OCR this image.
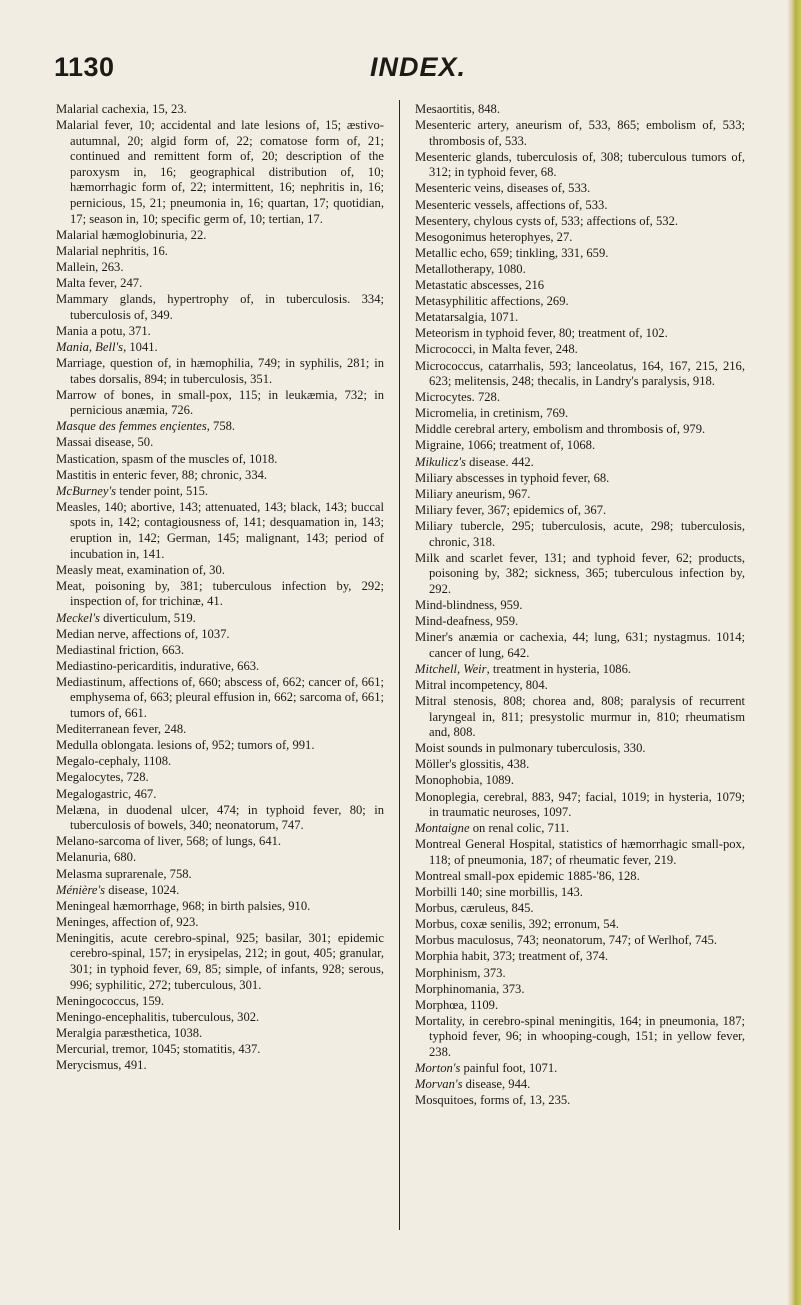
1130	INDEX.

Malarial cachexia, 15, 23.

Malarial fever, 10; accidental and late lesions of, 15; æstivo-autumnal, 20; algid form of, 22; comatose form of, 21; continued and remittent form of, 20; description of the paroxysm in, 16; geographical distribution of, 10; hæmorrhagic form of, 22; intermittent, 16; nephritis in, 16; pernicious, 15, 21; pneumonia in, 16; quartan, 17; quotidian, 17; season in, 10; specific germ of, 10; tertian, 17.

Malarial hæmoglobinuria, 22.

Malarial nephritis, 16.

Mallein, 263.

Malta fever, 247.

Mammary glands, hypertrophy of, in tuberculosis. 334; tuberculosis of, 349.

Mania a potu, 371.

Mania, Bell's, 1041.

Marriage, question of, in hæmophilia, 749; in syphilis, 281; in tabes dorsalis, 894; in tuberculosis, 351.

Marrow of bones, in small-pox, 115; in leukæmia, 732; in pernicious anæmia, 726.

Masque des femmes ençientes, 758.

Massai disease, 50.

Mastication, spasm of the muscles of, 1018.

Mastitis in enteric fever, 88; chronic, 334.

McBurney's tender point, 515.

Measles, 140; abortive, 143; attenuated, 143; black, 143; buccal spots in, 142; contagiousness of, 141; desquamation in, 143; eruption in, 142; German, 145; malignant, 143; period of incubation in, 141.

Measly meat, examination of, 30.

Meat, poisoning by, 381; tuberculous infection by, 292; inspection of, for trichinæ, 41.

Meckel's diverticulum, 519.

Median nerve, affections of, 1037.

Mediastinal friction, 663.

Mediastino-pericarditis, indurative, 663.

Mediastinum, affections of, 660; abscess of, 662; cancer of, 661; emphysema of, 663; pleural effusion in, 662; sarcoma of, 661; tumors of, 661.

Mediterranean fever, 248.

Medulla oblongata. lesions of, 952; tumors of, 991.

Megalo-cephaly, 1108.

Megalocytes, 728.

Megalogastric, 467.

Melæna, in duodenal ulcer, 474; in typhoid fever, 80; in tuberculosis of bowels, 340; neonatorum, 747.

Melano-sarcoma of liver, 568; of lungs, 641.

Melanuria, 680.

Melasma suprarenale, 758.

Ménière's disease, 1024.

Meningeal hæmorrhage, 968; in birth palsies, 910.

Meninges, affection of, 923.

Meningitis, acute cerebro-spinal, 925; basilar, 301; epidemic cerebro-spinal, 157; in erysipelas, 212; in gout, 405; granular, 301; in typhoid fever, 69, 85; simple, of infants, 928; serous, 996; syphilitic, 272; tuberculous, 301.

Meningococcus, 159.

Meningo-encephalitis, tuberculous, 302.

Meralgia paræsthetica, 1038.

Mercurial, tremor, 1045; stomatitis, 437.

Merycismus, 491.

Mesaortitis, 848.

Mesenteric artery, aneurism of, 533, 865; embolism of, 533; thrombosis of, 533.

Mesenteric glands, tuberculosis of, 308; tuberculous tumors of, 312; in typhoid fever, 68.

Mesenteric veins, diseases of, 533.

Mesenteric vessels, affections of, 533.

Mesentery, chylous cysts of, 533; affections of, 532.

Mesogonimus heterophyes, 27.

Metallic echo, 659; tinkling, 331, 659.

Metallotherapy, 1080.

Metastatic abscesses, 216

Metasyphilitic affections, 269.

Metatarsalgia, 1071.

Meteorism in typhoid fever, 80; treatment of, 102.

Micrococci, in Malta fever, 248.

Micrococcus, catarrhalis, 593; lanceolatus, 164, 167, 215, 216, 623; melitensis, 248; thecalis, in Landry's paralysis, 918.

Microcytes. 728.

Micromelia, in cretinism, 769.

Middle cerebral artery, embolism and thrombosis of, 979.

Migraine, 1066; treatment of, 1068.

Mikulicz's disease. 442.

Miliary abscesses in typhoid fever, 68.

Miliary aneurism, 967.

Miliary fever, 367; epidemics of, 367.

Miliary tubercle, 295; tuberculosis, acute, 298; tuberculosis, chronic, 318.

Milk and scarlet fever, 131; and typhoid fever, 62; products, poisoning by, 382; sickness, 365; tuberculous infection by, 292.

Mind-blindness, 959.

Mind-deafness, 959.

Miner's anæmia or cachexia, 44; lung, 631; nystagmus. 1014; cancer of lung, 642.

Mitchell, Weir, treatment in hysteria, 1086.

Mitral incompetency, 804.

Mitral stenosis, 808; chorea and, 808; paralysis of recurrent laryngeal in, 811; presystolic murmur in, 810; rheumatism and, 808.

Moist sounds in pulmonary tuberculosis, 330.

Möller's glossitis, 438.

Monophobia, 1089.

Monoplegia, cerebral, 883, 947; facial, 1019; in hysteria, 1079; in traumatic neuroses, 1097.

Montaigne on renal colic, 711.

Montreal General Hospital, statistics of hæmorrhagic small-pox, 118; of pneumonia, 187; of rheumatic fever, 219.

Montreal small-pox epidemic 1885-'86, 128.

Morbilli 140; sine morbillis, 143.

Morbus, cæruleus, 845.

Morbus, coxæ senilis, 392; erronum, 54.

Morbus maculosus, 743; neonatorum, 747; of Werlhof, 745.

Morphia habit, 373; treatment of, 374.

Morphinism, 373.

Morphinomania, 373.

Morphœa, 1109.

Mortality, in cerebro-spinal meningitis, 164; in pneumonia, 187; typhoid fever, 96; in whooping-cough, 151; in yellow fever, 238.

Morton's painful foot, 1071.

Morvan's disease, 944.

Mosquitoes, forms of, 13, 235.
